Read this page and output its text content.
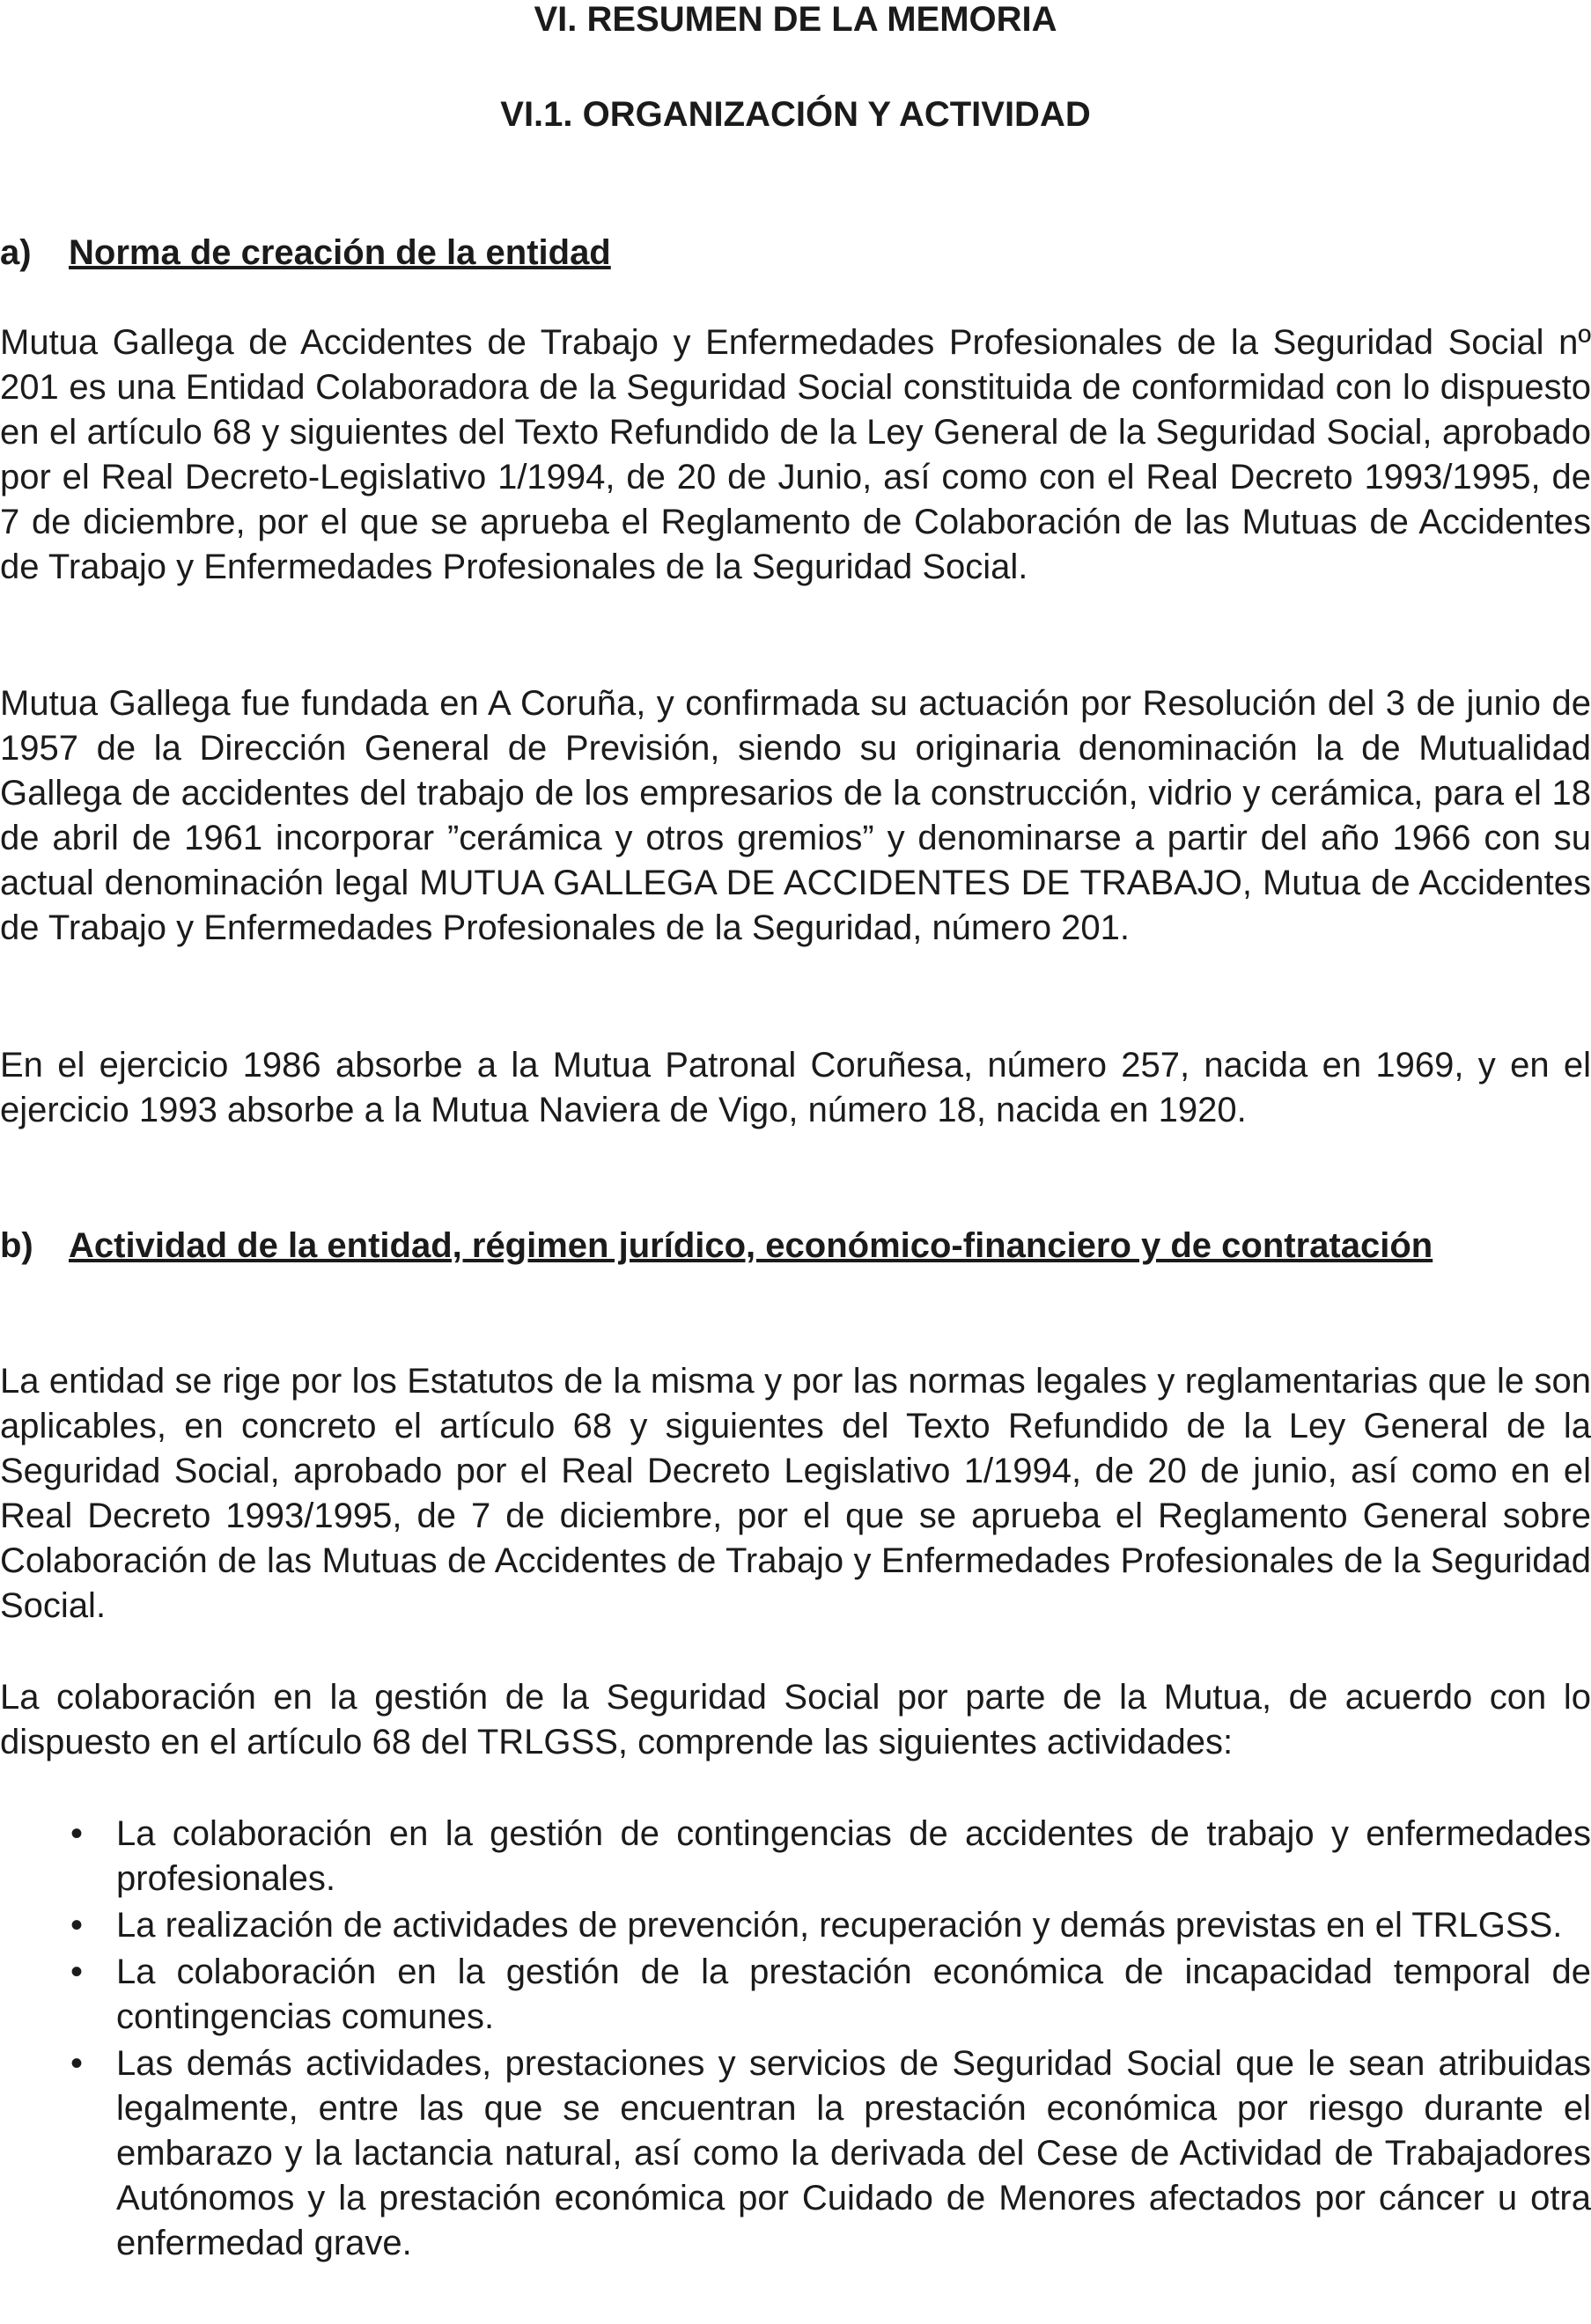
VI. RESUMEN DE LA MEMORIA
VI.1. ORGANIZACIÓN Y ACTIVIDAD
a) Norma de creación de la entidad

Mutua Gallega de Accidentes de Trabajo y Enfermedades Profesionales de la Seguridad Social nº 201 es una Entidad Colaboradora de la Seguridad Social constituida de conformidad con lo dispuesto en el artículo 68 y siguientes del Texto Refundido de la Ley General de la Seguridad Social, aprobado por el Real Decreto-Legislativo 1/1994, de 20 de Junio, así como con el Real Decreto 1993/1995, de 7 de diciembre, por el que se aprueba el Reglamento de Colaboración de las Mutuas de Accidentes de Trabajo y Enfermedades Profesionales de la Seguridad Social.

Mutua Gallega fue fundada en A Coruña, y confirmada su actuación por Resolución del 3 de junio de 1957 de la Dirección General de Previsión, siendo su originaria denominación la de Mutualidad Gallega de accidentes del trabajo de los empresarios de la construcción, vidrio y cerámica, para el 18 de abril de 1961 incorporar ”cerámica y otros gremios” y denominarse a partir del año 1966 con su actual denominación legal MUTUA GALLEGA DE ACCIDENTES DE TRABAJO, Mutua de Accidentes de Trabajo y Enfermedades Profesionales de la Seguridad, número 201.

En el ejercicio 1986 absorbe a la Mutua Patronal Coruñesa, número 257, nacida en 1969, y en el ejercicio 1993 absorbe a la Mutua Naviera de Vigo, número 18, nacida en 1920.

b) Actividad de la entidad, régimen jurídico, económico-financiero y de contratación

La entidad se rige por los Estatutos de la misma y por las normas legales y reglamentarias que le son aplicables, en concreto el artículo 68 y siguientes del Texto Refundido de la Ley General de la Seguridad Social, aprobado por el Real Decreto Legislativo 1/1994, de 20 de junio, así como en el Real Decreto 1993/1995, de 7 de diciembre, por el que se aprueba el Reglamento General sobre Colaboración de las Mutuas de Accidentes de Trabajo y Enfermedades Profesionales de la Seguridad Social.

La colaboración en la gestión de la Seguridad Social por parte de la Mutua, de acuerdo con lo dispuesto en el artículo 68 del TRLGSS, comprende las siguientes actividades:

• La colaboración en la gestión de contingencias de accidentes de trabajo y enfermedades profesionales.
• La realización de actividades de prevención, recuperación y demás previstas en el TRLGSS.
• La colaboración en la gestión de la prestación económica de incapacidad temporal de contingencias comunes.
• Las demás actividades, prestaciones y servicios de Seguridad Social que le sean atribuidas legalmente, entre las que se encuentran la prestación económica por riesgo durante el embarazo y la lactancia natural, así como la derivada del Cese de Actividad de Trabajadores Autónomos y la prestación económica por Cuidado de Menores afectados por cáncer u otra enfermedad grave.
